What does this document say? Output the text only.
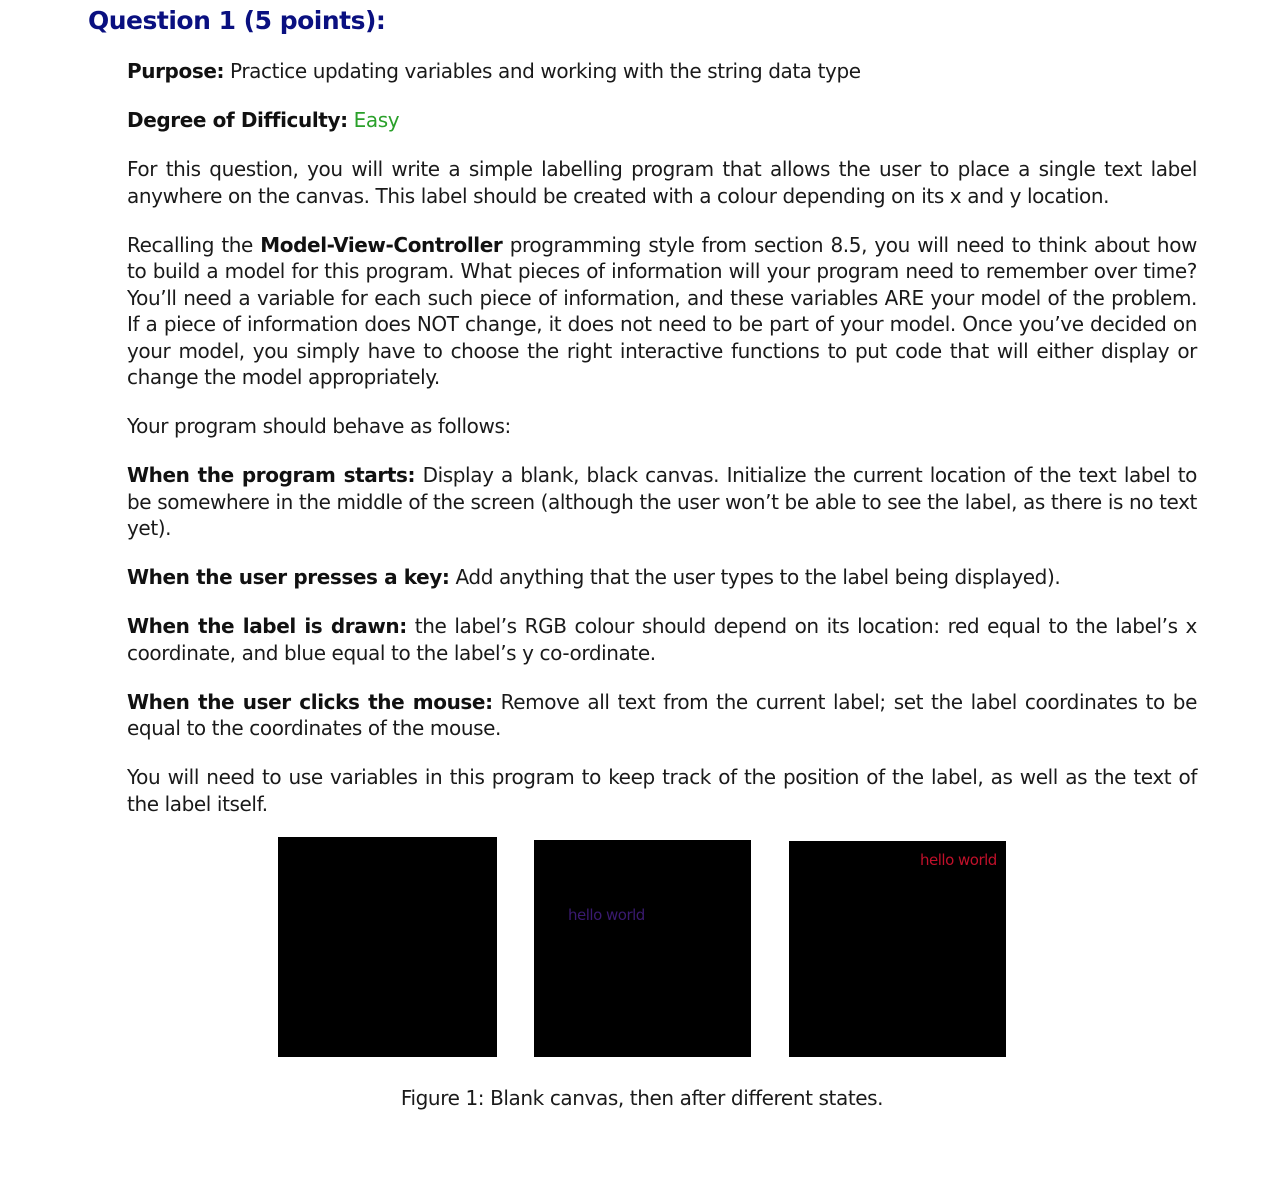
Question 1 (5 points):

Purpose: Practice updating variables and working with the string data type

Degree of Difficulty: Easy

For this question, you will write a simple labelling program that allows the user to place a single text label anywhere on the canvas. This label should be created with a colour depending on its x and y location.

Recalling the Model-View-Controller programming style from section 8.5, you will need to think about how to build a model for this program. What pieces of information will your program need to remember over time? You’ll need a variable for each such piece of information, and these variables ARE your model of the problem. If a piece of information does NOT change, it does not need to be part of your model. Once you’ve decided on your model, you simply have to choose the right interactive functions to put code that will either display or change the model appropriately.

Your program should behave as follows:

When the program starts: Display a blank, black canvas. Initialize the current location of the text label to be somewhere in the middle of the screen (although the user won’t be able to see the label, as there is no text yet).

When the user presses a key: Add anything that the user types to the label being displayed).

When the label is drawn: the label’s RGB colour should depend on its location: red equal to the label’s x coordinate, and blue equal to the label’s y co-ordinate.

When the user clicks the mouse: Remove all text from the current label; set the label coordinates to be equal to the coordinates of the mouse.

You will need to use variables in this program to keep track of the position of the label, as well as the text of the label itself.

hello world
hello world
Figure 1: Blank canvas, then after different states.
